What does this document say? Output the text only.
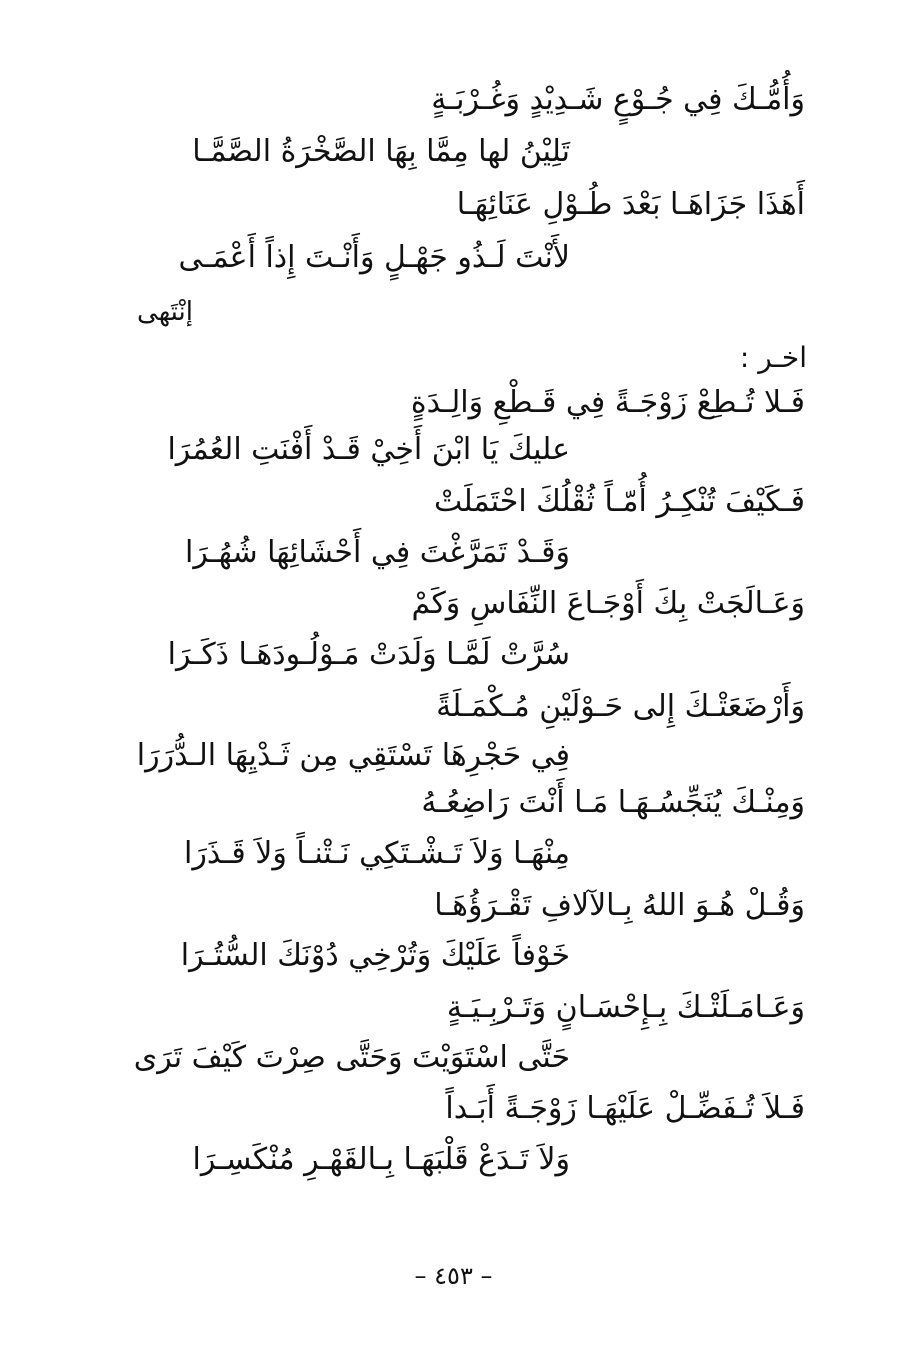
وَأُمُّـكَ فِي جُـوْعٍ شَـدِيْدٍ وَغُـرْبَـةٍ
تَلِيْنُ لها مِمَّا بِهَا الصَّخْرَةُ الصَّمَّـا
أَهَذَا جَزَاهَـا بَعْدَ طُـوْلِ عَنَائِهَـا
لأَنْتَ لَـذُو جَهْـلٍ وَأَنْـتَ إِذاً أَعْمَـى
إنْتَهى
اخـر :
فَـلا تُـطِعْ زَوْجَـةً فِي قَـطْعِ وَالِـدَةٍ
عليكَ يَا ابْنَ أَخِيْ قَـدْ أَفْنَتِ العُمُرَا
فَـكَيْفَ تُنْكِـرُ أُمّـاً ثُقْلُكَ احْتَمَلَتْ
وَقَـدْ تَمَرَّغْتَ فِي أَحْشَائِهَا شُهُـرَا
وَعَـالَجَتْ بِكَ أَوْجَـاعَ النِّفَاسِ وَكَمْ
سُرَّتْ لَمَّـا وَلَدَتْ مَـوْلُـودَهَـا ذَكَـرَا
وَأَرْضَعَتْـكَ إِلى حَـوْلَيْنِ مُـكْمَـلَةً
فِي حَجْرِهَا تَسْتَقِي مِن ثَـدْيِهَا الـدُّرَرَا
وَمِنْـكَ يُنَجِّسُـهَـا مَـا أَنْتَ رَاضِعُـهُ
مِنْهَـا وَلاَ تَـشْـتَكِي نَـتْنـاً وَلاَ قَـذَرَا
وَقُـلْ هُـوَ اللهُ بِـالآلافِ تَقْـرَؤُهَـا
خَوْفاً عَلَيْكَ وَتُرْخِي دُوْنَكَ السُّتُـرَا
وَعَـامَـلَتْـكَ بِـإِحْسَـانٍ وَتَـرْبِـيَـةٍ
حَتَّى اسْتَوَيْتَ وَحَتَّى صِرْتَ كَيْفَ تَرَى
فَـلاَ تُـفَضِّـلْ عَلَيْهَـا زَوْجَـةً أَبَـداً
وَلاَ تَـدَعْ قَلْبَهَـا بِـالقَهْـرِ مُنْكَسِـرَا
– ٤٥٣ –
